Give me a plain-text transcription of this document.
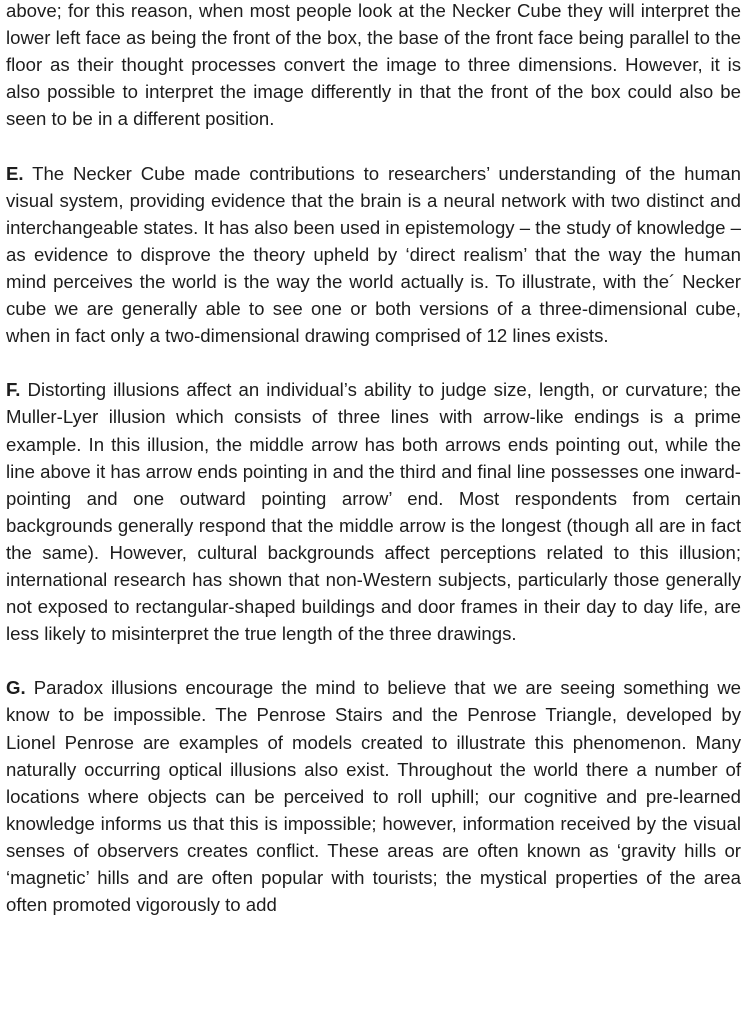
above; for this reason, when most people look at the Necker Cube they will interpret the lower left face as being the front of the box, the base of the front face being parallel to the floor as their thought processes convert the image to three dimensions. However, it is also possible to interpret the image differently in that the front of the box could also be seen to be in a different position.

E. The Necker Cube made contributions to researchers’ understanding of the human visual system, providing evidence that the brain is a neural network with two distinct and interchangeable states. It has also been used in epistemology – the study of knowledge – as evidence to disprove the theory upheld by ‘direct realism’ that the way the human mind perceives the world is the way the world actually is. To illustrate, with the´ Necker cube we are generally able to see one or both versions of a three-dimensional cube, when in fact only a two-dimensional drawing comprised of 12 lines exists.

F. Distorting illusions affect an individual’s ability to judge size, length, or curvature; the Muller-Lyer illusion which consists of three lines with arrow-like endings is a prime example. In this illusion, the middle arrow has both arrows ends pointing out, while the line above it has arrow ends pointing in and the third and final line possesses one inward-pointing and one outward pointing arrow’ end. Most respondents from certain backgrounds generally respond that the middle arrow is the longest (though all are in fact the same). However, cultural backgrounds affect perceptions related to this illusion; international research has shown that non-Western subjects, particularly those generally not exposed to rectangular-shaped buildings and door frames in their day to day life, are less likely to misinterpret the true length of the three drawings.

G. Paradox illusions encourage the mind to believe that we are seeing something we know to be impossible. The Penrose Stairs and the Penrose Triangle, developed by Lionel Penrose are examples of models created to illustrate this phenomenon. Many naturally occurring optical illusions also exist. Throughout the world there a number of locations where objects can be perceived to roll uphill; our cognitive and pre-learned knowledge informs us that this is impossible; however, information received by the visual senses of observers creates conflict. These areas are often known as ‘gravity hills or ‘magnetic’ hills and are often popular with tourists; the mystical properties of the area often promoted vigorously to add
